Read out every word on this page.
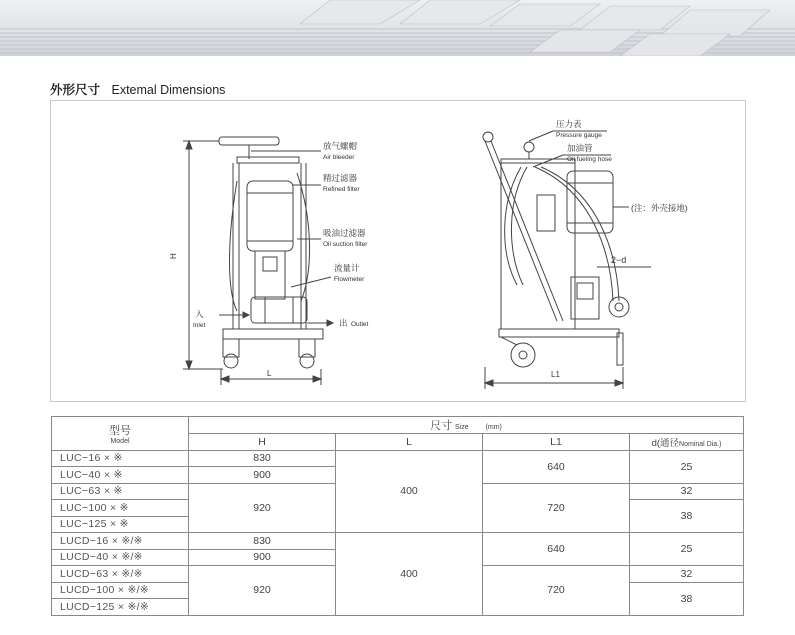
外形尺寸 Extemal Dimensions
放气螺帽
Air bleeder
精过滤器
Refined filter
吸油过滤器
Oil suction filter
流量计
Flowmeter
入
Inlet	出 Outlet
H
L
压力表
Pressure gauge
加油管
Oil fueling hose
(注：外壳接地)
2−d
L1
型号
Model	尺寸 Size (mm)			
	H	L	L1	d(通径Nominal Dia.)
LUC−16 × ※	830	400	640	25
LUC−40 × ※	900			
LUC−63 × ※	920		720	32
LUC−100 × ※				38
LUC−125 × ※				
LUCD−16 × ※/※	830	400	640	25
LUCD−40 × ※/※	900			
LUCD−63 × ※/※	920		720	32
LUCD−100 × ※/※				38
LUCD−125 × ※/※				
